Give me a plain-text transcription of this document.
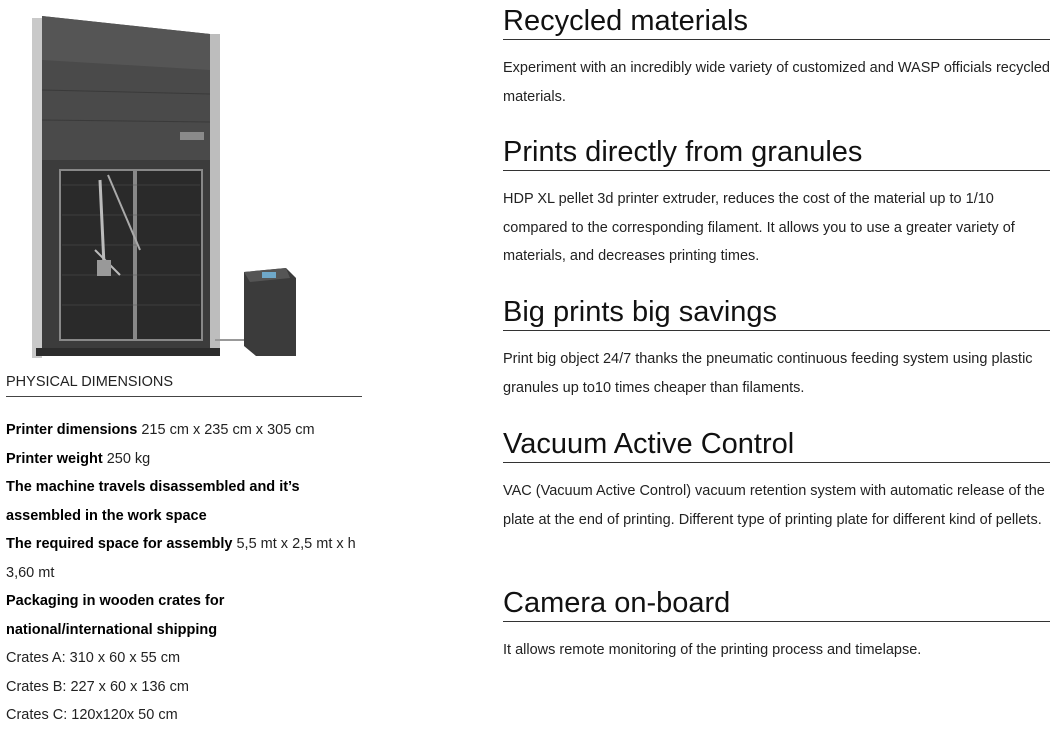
PHYSICAL DIMENSIONS

Printer dimensions 215 cm x 235 cm x 305 cm

Printer weight 250 kg

The machine travels disassembled and it’s assembled in the work space

The required space for assembly 5,5 mt x 2,5 mt x h 3,60 mt

Packaging in wooden crates for national/international shipping

Crates A: 310 x 60 x 55 cm

Crates B: 227 x 60 x 136 cm

Crates C: 120x120x 50 cm

Recycled materials

Experiment with an incredibly wide variety of customized and WASP officials recycled materials.

Prints directly from granules

HDP XL pellet 3d printer extruder, reduces the cost of the material up to 1/10 compared to the corresponding filament. It allows you to use a greater variety of materials, and decreases printing times.

Big prints big savings

Print big object 24/7 thanks the pneumatic continuous feeding system using plastic granules up to10 times cheaper than filaments.

Vacuum Active Control

VAC (Vacuum Active Control) vacuum retention system with automatic release of the plate at the end of printing. Different type of printing plate for different kind of pellets.

Camera on-board

It allows remote monitoring of the printing process and timelapse.
